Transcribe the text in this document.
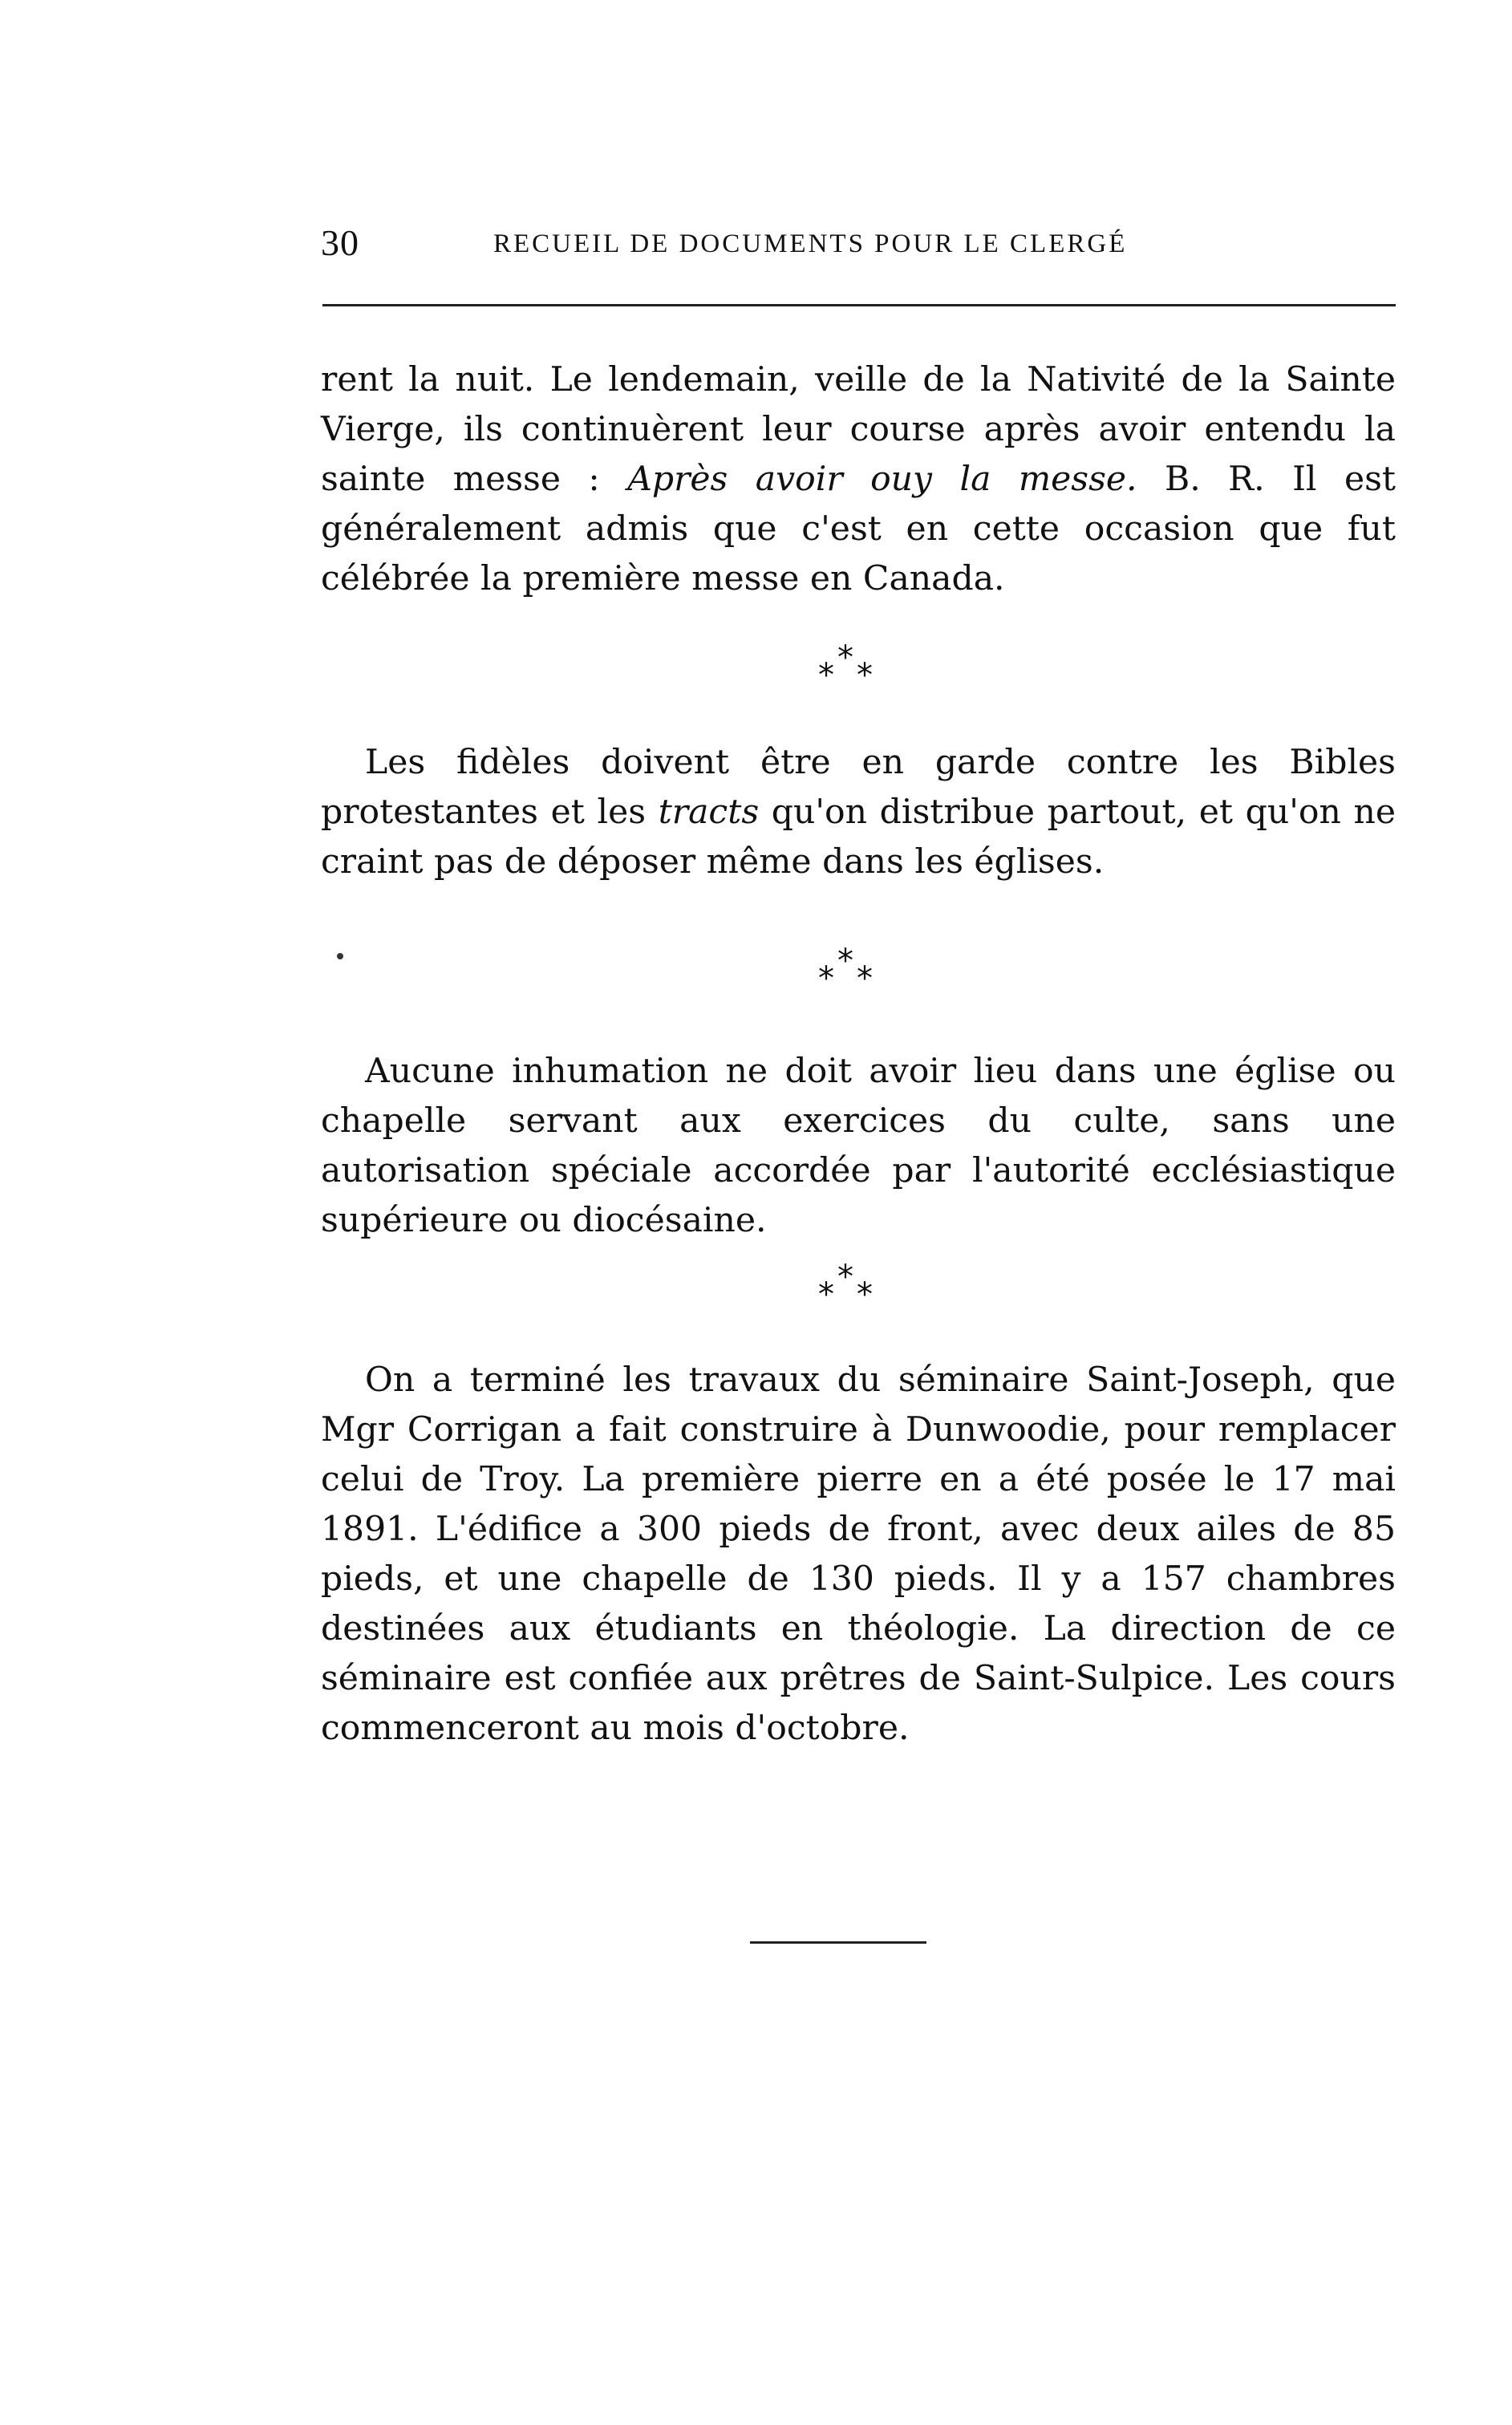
30	RECUEIL DE DOCUMENTS POUR LE CLERGÉ
rent la nuit. Le lendemain, veille de la Nativité de la Sainte Vierge, ils continuèrent leur course après avoir entendu la sainte messe : Après avoir ouy la messe. B. R. Il est généralement admis que c'est en cette occasion que fut célébrée la première messe en Canada.
*
* *
Les fidèles doivent être en garde contre les Bibles protestantes et les tracts qu'on distribue partout, et qu'on ne craint pas de déposer même dans les églises.
*
* *
Aucune inhumation ne doit avoir lieu dans une église ou chapelle servant aux exercices du culte, sans une autorisation spéciale accordée par l'autorité ecclésiastique supérieure ou diocésaine.
*
* *
On a terminé les travaux du séminaire Saint-Joseph, que Mgr Corrigan a fait construire à Dunwoodie, pour remplacer celui de Troy. La première pierre en a été posée le 17 mai 1891. L'édifice a 300 pieds de front, avec deux ailes de 85 pieds, et une chapelle de 130 pieds. Il y a 157 chambres destinées aux étudiants en théologie. La direction de ce séminaire est confiée aux prêtres de Saint-Sulpice. Les cours commenceront au mois d'octobre.
